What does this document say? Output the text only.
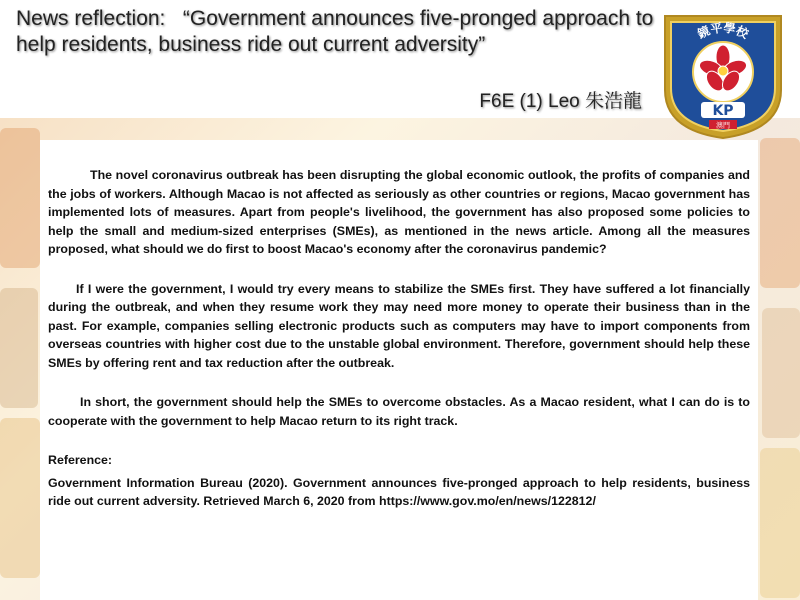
News reflection:   “Government announces five-pronged approach to help residents, business ride out current adversity”
F6E (1) Leo 朱浩龍
鏡平學校
KP
澳門

The novel coronavirus outbreak has been disrupting the global economic outlook, the profits of companies and the jobs of workers. Although Macao is not affected as seriously as other countries or regions, Macao government has implemented lots of measures. Apart from people's livelihood, the government has also proposed some policies to help the small and medium-sized enterprises (SMEs), as mentioned in the news article. Among all the measures proposed, what should we do first to boost Macao's economy after the coronavirus pandemic?

If I were the government, I would try every means to stabilize the SMEs first. They have suffered a lot financially during the outbreak, and when they resume work they may need more money to operate their business than in the past. For example, companies selling electronic products such as computers may have to import components from overseas countries with higher cost due to the unstable global environment. Therefore, government should help these SMEs by offering rent and tax reduction after the outbreak.

In short, the government should help the SMEs to overcome obstacles. As a Macao resident, what I can do is to cooperate with the government to help Macao return to its right track.

Reference:

Government Information Bureau (2020). Government announces five-pronged approach to help residents, business ride out current adversity. Retrieved March 6, 2020 from https://www.gov.mo/en/news/122812/
